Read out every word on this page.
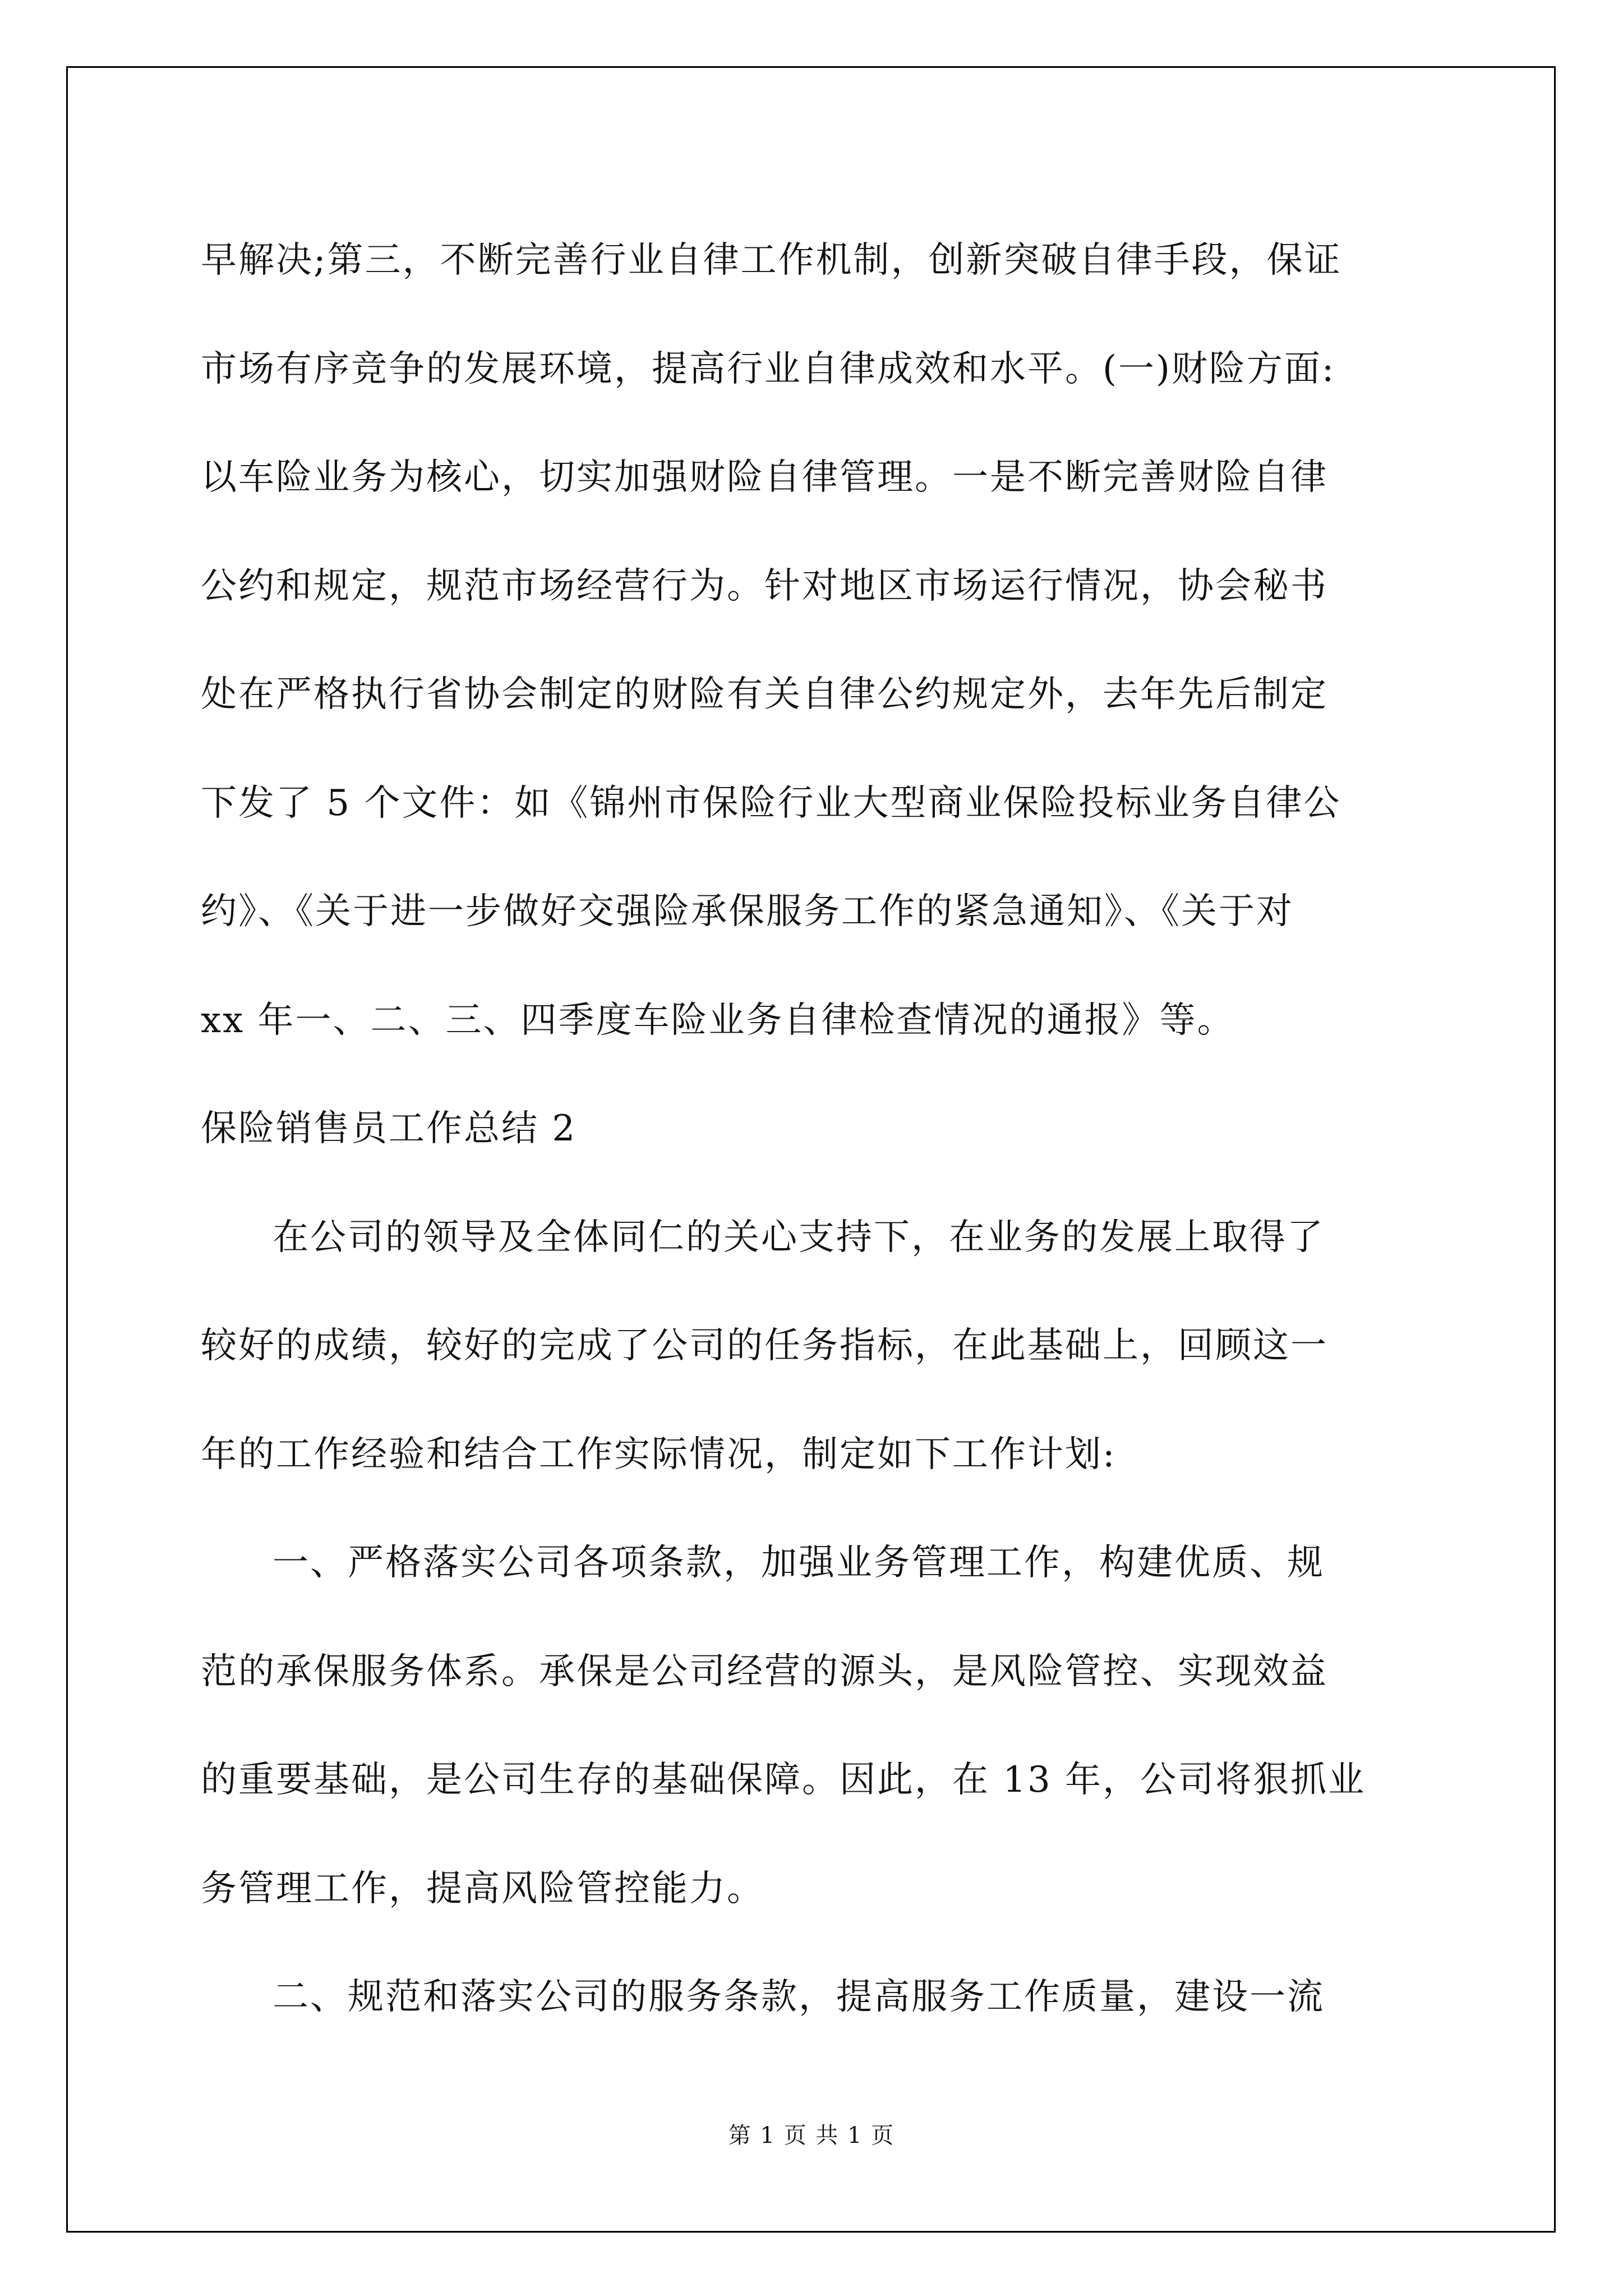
早解决;第三，不断完善行业自律工作机制，创新突破自律手段，保证
市场有序竞争的发展环境，提高行业自律成效和水平。(一)财险方面:
以车险业务为核心，切实加强财险自律管理。一是不断完善财险自律
公约和规定，规范市场经营行为。针对地区市场运行情况，协会秘书
处在严格执行省协会制定的财险有关自律公约规定外，去年先后制定
下发了 5 个文件：如《锦州市保险行业大型商业保险投标业务自律公
约》、《关于进一步做好交强险承保服务工作的紧急通知》、《关于对
xx 年一、二、三、四季度车险业务自律检查情况的通报》等。

保险销售员工作总结 2

在公司的领导及全体同仁的关心支持下，在业务的发展上取得了
较好的成绩，较好的完成了公司的任务指标，在此基础上，回顾这一
年的工作经验和结合工作实际情况，制定如下工作计划:

一、严格落实公司各项条款，加强业务管理工作，构建优质、规
范的承保服务体系。承保是公司经营的源头，是风险管控、实现效益
的重要基础，是公司生存的基础保障。因此，在 13 年，公司将狠抓业
务管理工作，提高风险管控能力。

二、规范和落实公司的服务条款，提高服务工作质量，建设一流

第 1 页 共 1 页
